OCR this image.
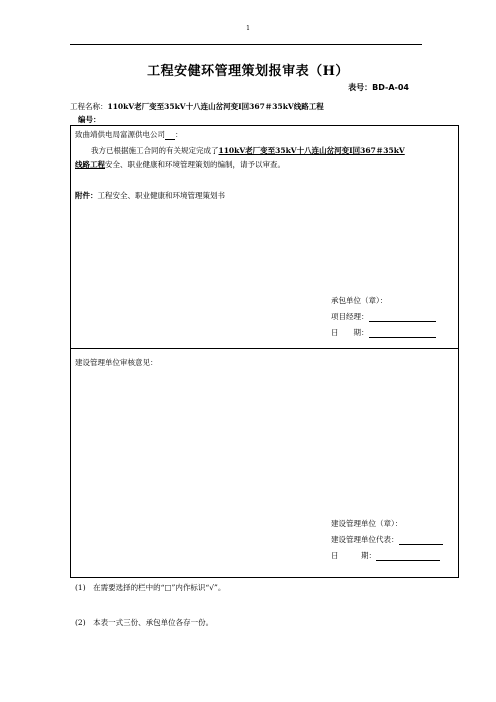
1
工程安健环管理策划报审表（H）
表号：BD-A-04
工程名称：110kV老厂变至35kV十八连山岔河变Ⅰ回367＃35kV线路工程
编号：
致曲靖供电局富源供电公司 ：
我方已根据施工合同的有关规定完成了110kV老厂变至35kV十八连山岔河变Ⅰ回367＃35kV
线路工程安全、职业健康和环境管理策划的编制，请予以审查。
附件：工程安全、职业健康和环境管理策划书
承包单位（章）：
项目经理：
日　　期：
建设管理单位审核意见：
建设管理单位（章）：
建设管理单位代表：
日　　　期：
(1)　在需要选择的栏中的“□”内作标识“√”。
(2)　本表一式三份、承包单位各存一份。
